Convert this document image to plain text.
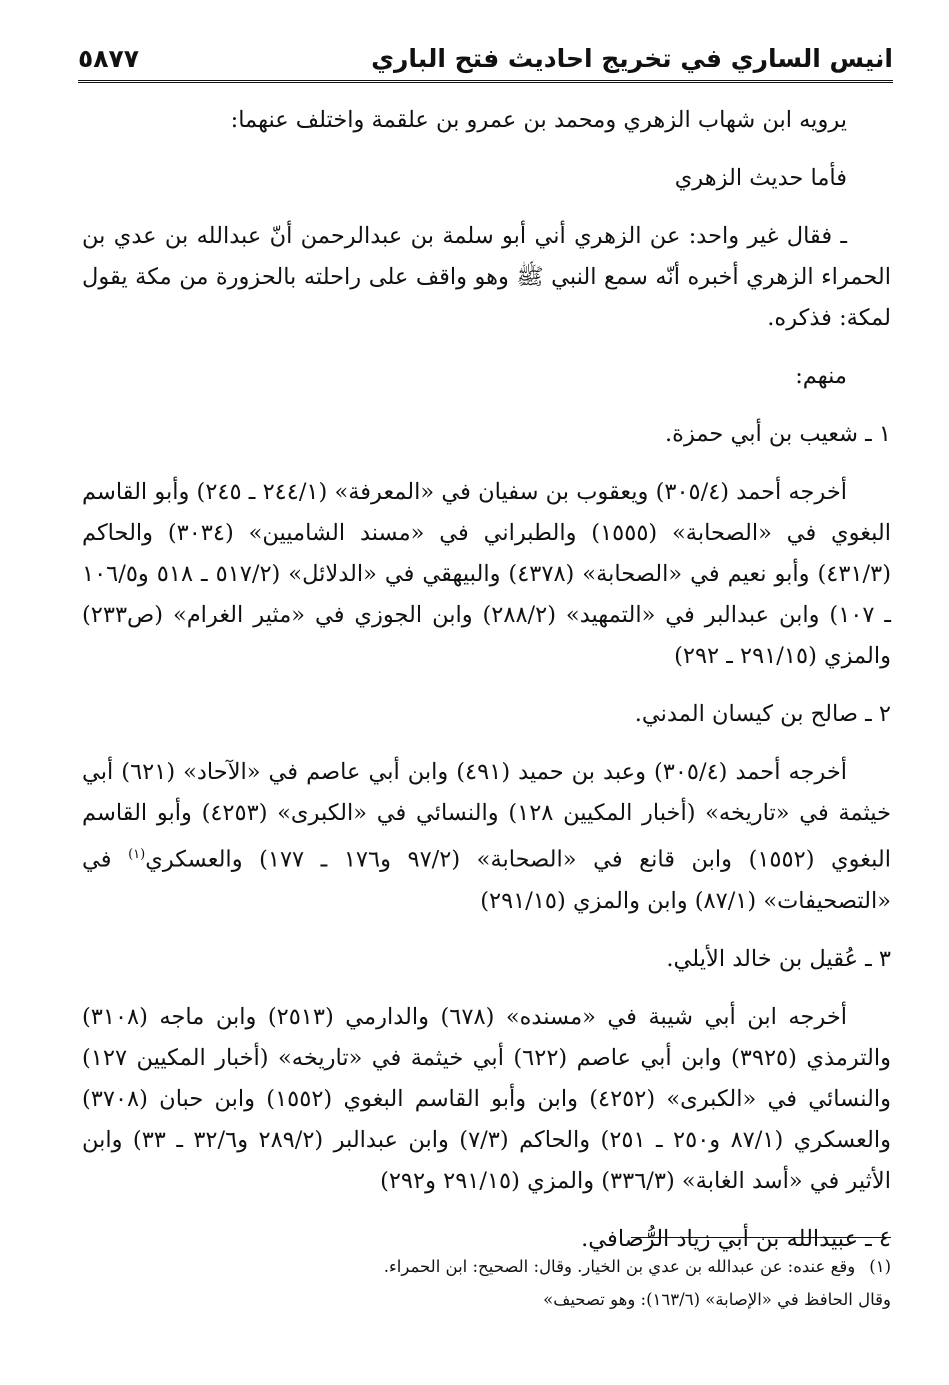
انيس الساري في تخريج احاديث فتح الباري
٥٨٧٧

يرويه ابن شهاب الزهري ومحمد بن عمرو بن علقمة واختلف عنهما:

فأما حديث الزهري

ـ فقال غير واحد: عن الزهري أني أبو سلمة بن عبدالرحمن أنّ عبدالله بن عدي بن الحمراء الزهري أخبره أنّه سمع النبي ﷺ وهو واقف على راحلته بالحزورة من مكة يقول لمكة: فذكره.

منهم:

١ ـ شعيب بن أبي حمزة.

أخرجه أحمد (٣٠٥/٤) ويعقوب بن سفيان في «المعرفة» (٢٤٤/١ ـ ٢٤٥) وأبو القاسم البغوي في «الصحابة» (١٥٥٥) والطبراني في «مسند الشاميين» (٣٠٣٤) والحاكم (٤٣١/٣) وأبو نعيم في «الصحابة» (٤٣٧٨) والبيهقي في «الدلائل» (٥١٧/٢ ـ ٥١٨ و١٠٦/٥ ـ ١٠٧) وابن عبدالبر في «التمهيد» (٢٨٨/٢) وابن الجوزي في «مثير الغرام» (ص٢٣٣) والمزي (٢٩١/١٥ ـ ٢٩٢)

٢ ـ صالح بن كيسان المدني.

أخرجه أحمد (٣٠٥/٤) وعبد بن حميد (٤٩١) وابن أبي عاصم في «الآحاد» (٦٢١) أبي خيثمة في «تاريخه» (أخبار المكيين ١٢٨) والنسائي في «الكبرى» (٤٢٥٣) وأبو القاسم البغوي (١٥٥٢) وابن قانع في «الصحابة» (٩٧/٢ و١٧٦ ـ ١٧٧) والعسكري$^{(١)}$ في «التصحيفات» (٨٧/١) وابن والمزي (٢٩١/١٥)

٣ ـ عُقيل بن خالد الأيلي.

أخرجه ابن أبي شيبة في «مسنده» (٦٧٨) والدارمي (٢٥١٣) وابن ماجه (٣١٠٨) والترمذي (٣٩٢٥) وابن أبي عاصم (٦٢٢) أبي خيثمة في «تاريخه» (أخبار المكيين ١٢٧) والنسائي في «الكبرى» (٤٢٥٢) وابن وأبو القاسم البغوي (١٥٥٢) وابن حبان (٣٧٠٨) والعسكري (٨٧/١ و٢٥٠ ـ ٢٥١) والحاكم (٧/٣) وابن عبدالبر (٢٨٩/٢ و٣٢/٦ ـ ٣٣) وابن الأثير في «أسد الغابة» (٣٣٦/٣) والمزي (٢٩١/١٥ و٢٩٢)

٤ ـ عبيدالله بن أبي زياد الرُّصافي.

(١)وقع عنده: عن عبدالله بن عدي بن الخيار. وقال: الصحيح: ابن الحمراء.

وقال الحافظ في «الإصابة» (١٦٣/٦): وهو تصحيف»
